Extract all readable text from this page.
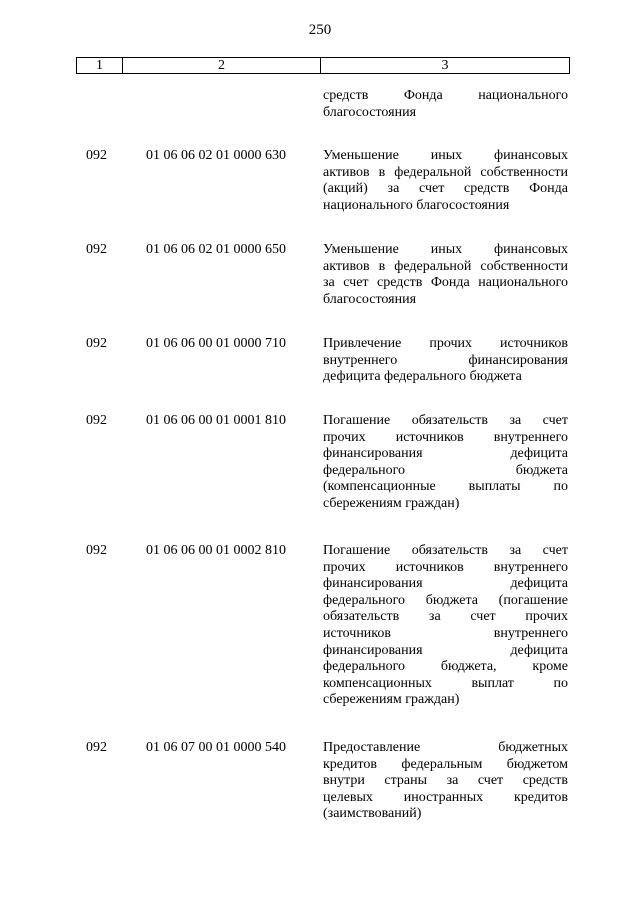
250
1	2	3
средств Фонда национального
благосостояния
092	01 06 06 02 01 0000 630	Уменьшение иных финансовых
активов в федеральной собственности
(акций) за счет средств Фонда
национального благосостояния
092	01 06 06 02 01 0000 650	Уменьшение иных финансовых
активов в федеральной собственности
за счет средств Фонда национального
благосостояния
092	01 06 06 00 01 0000 710	Привлечение прочих источников
внутреннего финансирования
дефицита федерального бюджета
092	01 06 06 00 01 0001 810	Погашение обязательств за счет
прочих источников внутреннего
финансирования дефицита
федерального бюджета
(компенсационные выплаты по
сбережениям граждан)
092	01 06 06 00 01 0002 810	Погашение обязательств за счет
прочих источников внутреннего
финансирования дефицита
федерального бюджета (погашение
обязательств за счет прочих
источников внутреннего
финансирования дефицита
федерального бюджета, кроме
компенсационных выплат по
сбережениям граждан)
092	01 06 07 00 01 0000 540	Предоставление бюджетных
кредитов федеральным бюджетом
внутри страны за счет средств
целевых иностранных кредитов
(заимствований)
